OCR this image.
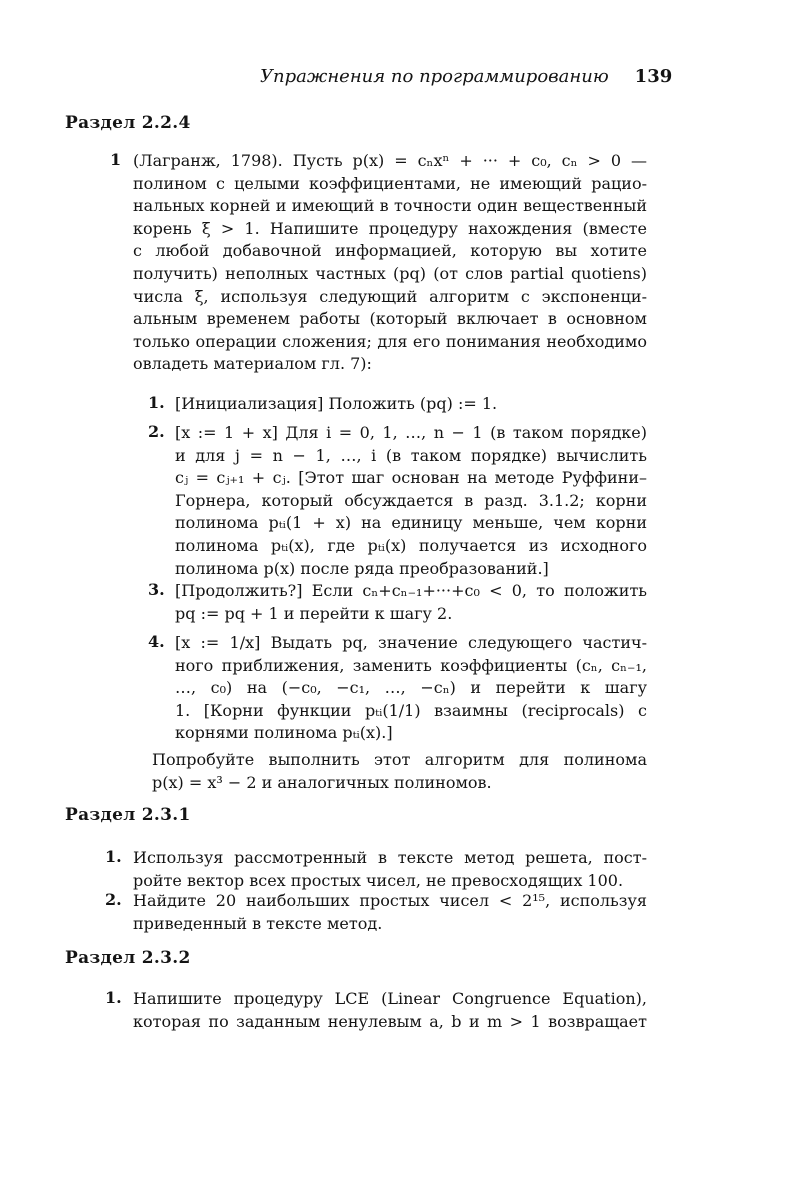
Упражнения по программированию 139
Раздел 2.2.4
1 (Лагранж, 1798). Пусть p(x) = cₙxⁿ + ··· + c₀, cₙ > 0 —
полином с целыми коэффициентами, не имеющий рацио-
нальных корней и имеющий в точности один вещественный
корень ξ > 1. Напишите процедуру нахождения (вместе
с любой добавочной информацией, которую вы хотите
получить) неполных частных (pq) (от слов partial quotiens)
числа ξ, используя следующий алгоритм с экспоненци-
альным временем работы (который включает в основном
только операции сложения; для его понимания необходимо
овладеть материалом гл. 7):
1. [Инициализация] Положить (pq) := 1.
2. [x := 1 + x] Для i = 0, 1, …, n − 1 (в таком порядке)
и для j = n − 1, …, i (в таком порядке) вычислить
cⱼ = cⱼ₊₁ + cⱼ. [Этот шаг основан на методе Руффини–
Горнера, который обсуждается в разд. 3.1.2; корни
полинома pₜᵢ(1 + x) на единицу меньше, чем корни
полинома pₜᵢ(x), где pₜᵢ(x) получается из исходного
полинома p(x) после ряда преобразований.]
3. [Продолжить?] Если cₙ+cₙ₋₁+···+c₀ < 0, то положить
pq := pq + 1 и перейти к шагу 2.
4. [x := 1/x] Выдать pq, значение следующего частич-
ного приближения, заменить коэффициенты (cₙ, cₙ₋₁,
…, c₀) на (−c₀, −c₁, …, −cₙ) и перейти к шагу
1. [Корни функции pₜᵢ(1/1) взаимны (reciprocals) с
корнями полинома pₜᵢ(x).]
Попробуйте выполнить этот алгоритм для полинома
p(x) = x³ − 2 и аналогичных полиномов.
Раздел 2.3.1
1. Используя рассмотренный в тексте метод решета, пост-
ройте вектор всех простых чисел, не превосходящих 100.
2. Найдите 20 наибольших простых чисел < 2¹⁵, используя
приведенный в тексте метод.
Раздел 2.3.2
1. Напишите процедуру LCE (Linear Congruence Equation),
которая по заданным ненулевым a, b и m > 1 возвращает
